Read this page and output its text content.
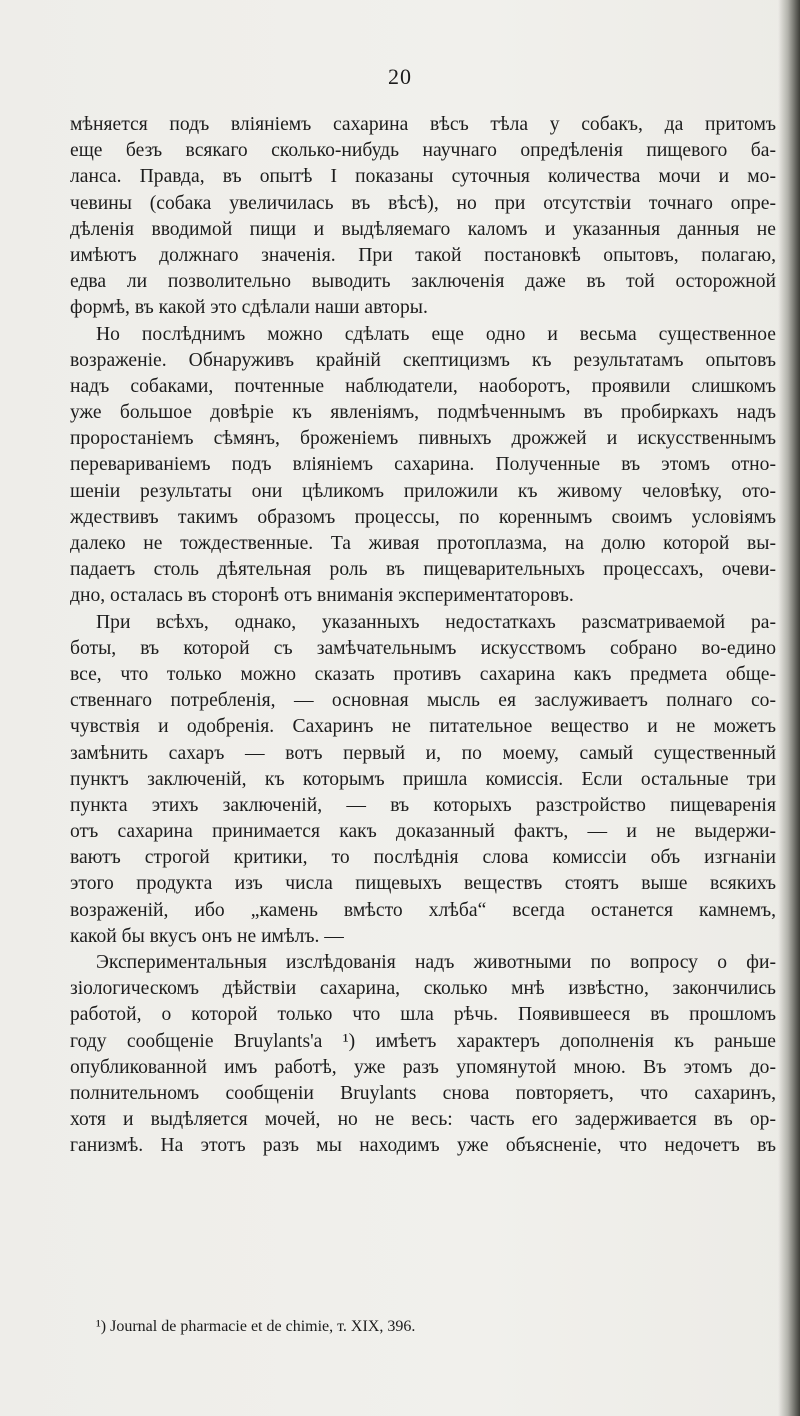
20
мѣняется подъ вліяніемъ сахарина вѣсъ тѣла у собакъ, да притомъ
еще безъ всякаго сколько-нибудь научнаго опредѣленія пищевого ба-
ланса. Правда, въ опытѣ I показаны суточныя количества мочи и мо-
чевины (собака увеличилась въ вѣсѣ), но при отсутствіи точнаго опре-
дѣленія вводимой пищи и выдѣляемаго каломъ и указанныя данныя не
имѣютъ должнаго значенія. При такой постановкѣ опытовъ, полагаю,
едва ли позволительно выводить заключенія даже въ той осторожной
формѣ, въ какой это сдѣлали наши авторы.
Но послѣднимъ можно сдѣлать еще одно и весьма существенное
возраженіе. Обнаруживъ крайній скептицизмъ къ результатамъ опытовъ
надъ собаками, почтенные наблюдатели, наоборотъ, проявили слишкомъ
уже большое довѣріе къ явленіямъ, подмѣченнымъ въ пробиркахъ надъ
проростаніемъ сѣмянъ, броженіемъ пивныхъ дрожжей и искусственнымъ
перевариваніемъ подъ вліяніемъ сахарина. Полученные въ этомъ отно-
шеніи результаты они цѣликомъ приложили къ живому человѣку, ото-
ждествивъ такимъ образомъ процессы, по кореннымъ своимъ условіямъ
далеко не тождественные. Та живая протоплазма, на долю которой вы-
падаетъ столь дѣятельная роль въ пищеварительныхъ процессахъ, очеви-
дно, осталась въ сторонѣ отъ вниманія экспериментаторовъ.
При всѣхъ, однако, указанныхъ недостаткахъ разсматриваемой ра-
боты, въ которой съ замѣчательнымъ искусствомъ собрано во-едино
все, что только можно сказать противъ сахарина какъ предмета обще-
ственнаго потребленія, — основная мысль ея заслуживаетъ полнаго со-
чувствія и одобренія. Сахаринъ не питательное вещество и не можетъ
замѣнить сахаръ — вотъ первый и, по моему, самый существенный
пунктъ заключеній, къ которымъ пришла комиссія. Если остальные три
пункта этихъ заключеній, — въ которыхъ разстройство пищеваренія
отъ сахарина принимается какъ доказанный фактъ, — и не выдержи-
ваютъ строгой критики, то послѣднія слова комиссіи объ изгнаніи
этого продукта изъ числа пищевыхъ веществъ стоятъ выше всякихъ
возраженій, ибо „камень вмѣсто хлѣба“ всегда останется камнемъ,
какой бы вкусъ онъ не имѣлъ. —
Экспериментальныя изслѣдованія надъ животными по вопросу о фи-
зіологическомъ дѣйствіи сахарина, сколько мнѣ извѣстно, закончились
работой, о которой только что шла рѣчь. Появившееся въ прошломъ
году сообщеніе Bruylants'а ¹) имѣетъ характеръ дополненія къ раньше
опубликованной имъ работѣ, уже разъ упомянутой мною. Въ этомъ до-
полнительномъ сообщеніи Bruylants снова повторяетъ, что сахаринъ,
хотя и выдѣляется мочей, но не весь: часть его задерживается въ ор-
ганизмѣ. На этотъ разъ мы находимъ уже объясненіе, что недочетъ въ
¹) Journal de pharmacie et de chimie, т. XIX, 396.
